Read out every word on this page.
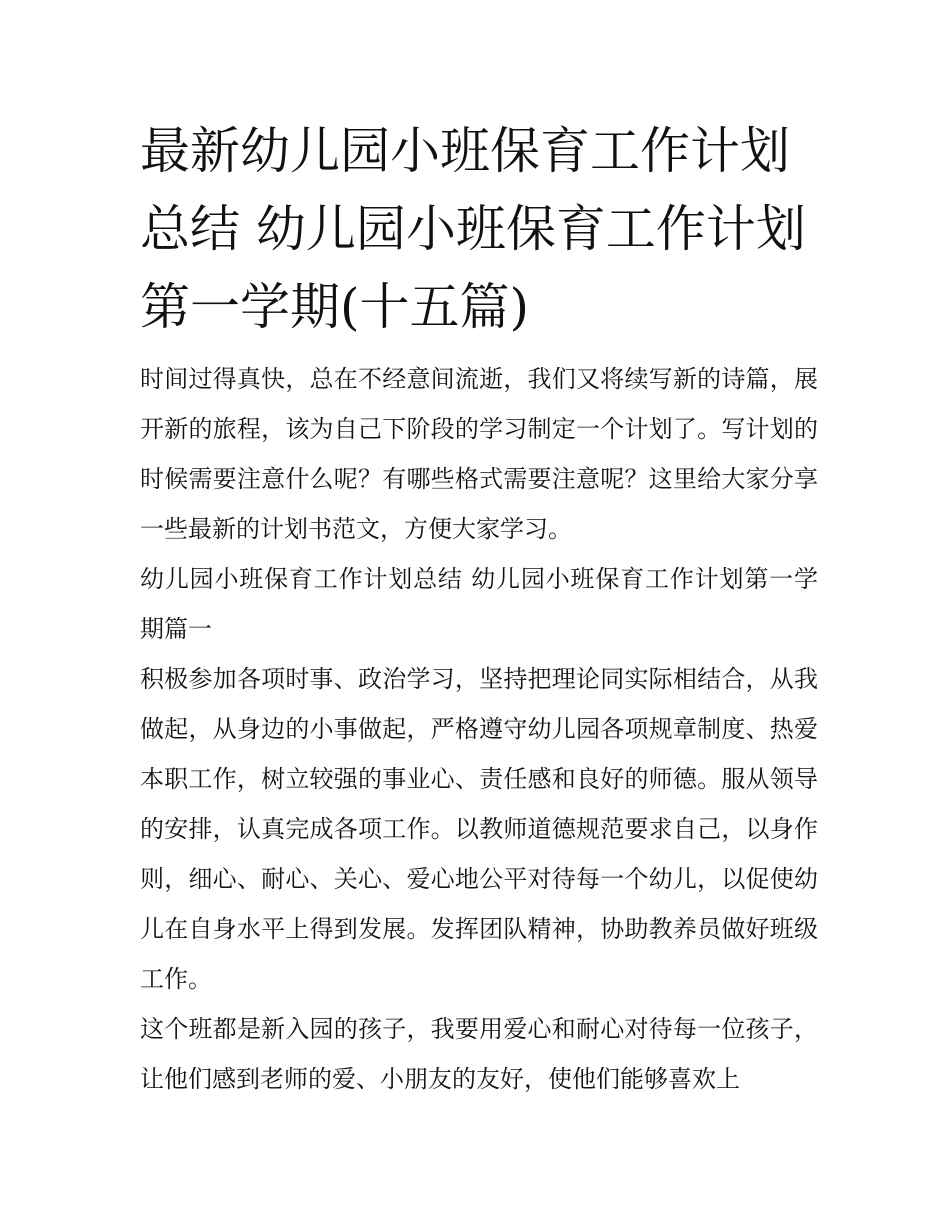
最新幼儿园小班保育工作计划总结 幼儿园小班保育工作计划第一学期(十五篇)

时间过得真快，总在不经意间流逝，我们又将续写新的诗篇，展开新的旅程，该为自己下阶段的学习制定一个计划了。写计划的时候需要注意什么呢？有哪些格式需要注意呢？这里给大家分享一些最新的计划书范文，方便大家学习。

幼儿园小班保育工作计划总结 幼儿园小班保育工作计划第一学期篇一

积极参加各项时事、政治学习，坚持把理论同实际相结合，从我做起，从身边的小事做起，严格遵守幼儿园各项规章制度、热爱本职工作，树立较强的事业心、责任感和良好的师德。服从领导的安排，认真完成各项工作。以教师道德规范要求自己，以身作则，细心、耐心、关心、爱心地公平对待每一个幼儿，以促使幼儿在自身水平上得到发展。发挥团队精神，协助教养员做好班级工作。

这个班都是新入园的孩子，我要用爱心和耐心对待每一位孩子，让他们感到老师的爱、小朋友的友好，使他们能够喜欢上
